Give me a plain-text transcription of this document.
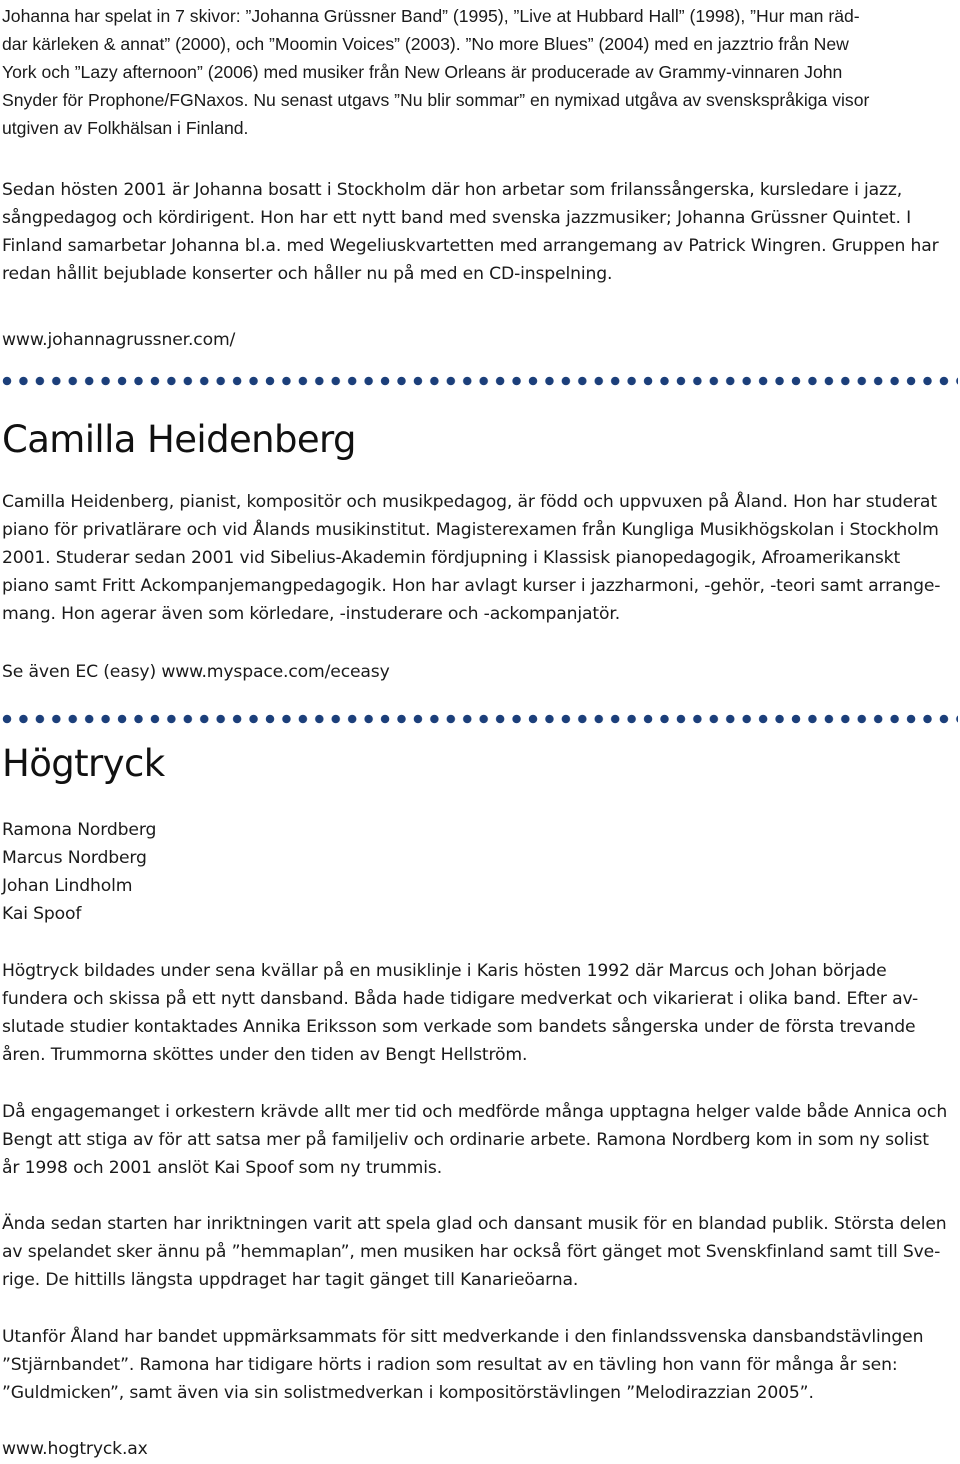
Johanna har spelat in 7 skivor: ”Johanna Grüssner Band” (1995), ”Live at Hubbard Hall” (1998), ”Hur man räd-
dar kärleken & annat” (2000), och ”Moomin Voices” (2003). ”No more Blues” (2004) med en jazztrio från New
York och ”Lazy afternoon” (2006) med musiker från New Orleans är producerade av Grammy-vinnaren John
Snyder för Prophone/FGNaxos. Nu senast utgavs ”Nu blir sommar” en nymixad utgåva av svenskspråkiga visor
utgiven av Folkhälsan i Finland.

Sedan hösten 2001 är Johanna bosatt i Stockholm där hon arbetar som frilanssångerska, kursledare i jazz,
sångpedagog och kördirigent. Hon har ett nytt band med svenska jazzmusiker; Johanna Grüssner Quintet. I
Finland samarbetar Johanna bl.a. med Wegeliuskvartetten med arrangemang av Patrick Wingren. Gruppen har
redan hållit bejublade konserter och håller nu på med en CD-inspelning.

www.johannagrussner.com/

Camilla Heidenberg

Camilla Heidenberg, pianist, kompositör och musikpedagog, är född och uppvuxen på Åland. Hon har studerat
piano för privatlärare och vid Ålands musikinstitut. Magisterexamen från Kungliga Musikhögskolan i Stockholm
2001. Studerar sedan 2001 vid Sibelius-Akademin fördjupning i Klassisk pianopedagogik, Afroamerikanskt
piano samt Fritt Ackompanjemangpedagogik. Hon har avlagt kurser i jazzharmoni, -gehör, -teori samt arrange-
mang. Hon agerar även som körledare, -instuderare och -ackompanjatör.

Se även EC (easy) www.myspace.com/eceasy

Högtryck

Ramona Nordberg
Marcus Nordberg
Johan Lindholm
Kai Spoof

Högtryck bildades under sena kvällar på en musiklinje i Karis hösten 1992 där Marcus och Johan började
fundera och skissa på ett nytt dansband. Båda hade tidigare medverkat och vikarierat i olika band. Efter av-
slutade studier kontaktades Annika Eriksson som verkade som bandets sångerska under de första trevande
åren. Trummorna sköttes under den tiden av Bengt Hellström.

Då engagemanget i orkestern krävde allt mer tid och medförde många upptagna helger valde både Annica och
Bengt att stiga av för att satsa mer på familjeliv och ordinarie arbete. Ramona Nordberg kom in som ny solist
år 1998 och 2001 anslöt Kai Spoof som ny trummis.

Ända sedan starten har inriktningen varit att spela glad och dansant musik för en blandad publik. Största delen
av spelandet sker ännu på ”hemmaplan”, men musiken har också fört gänget mot Svenskfinland samt till Sve-
rige. De hittills längsta uppdraget har tagit gänget till Kanarieöarna.

Utanför Åland har bandet uppmärksammats för sitt medverkande i den finlandssvenska dansbandstävlingen
”Stjärnbandet”. Ramona har tidigare hörts i radion som resultat av en tävling hon vann för många år sen:
”Guldmicken”, samt även via sin solistmedverkan i kompositörstävlingen ”Melodirazzian 2005”.

www.hogtryck.ax
